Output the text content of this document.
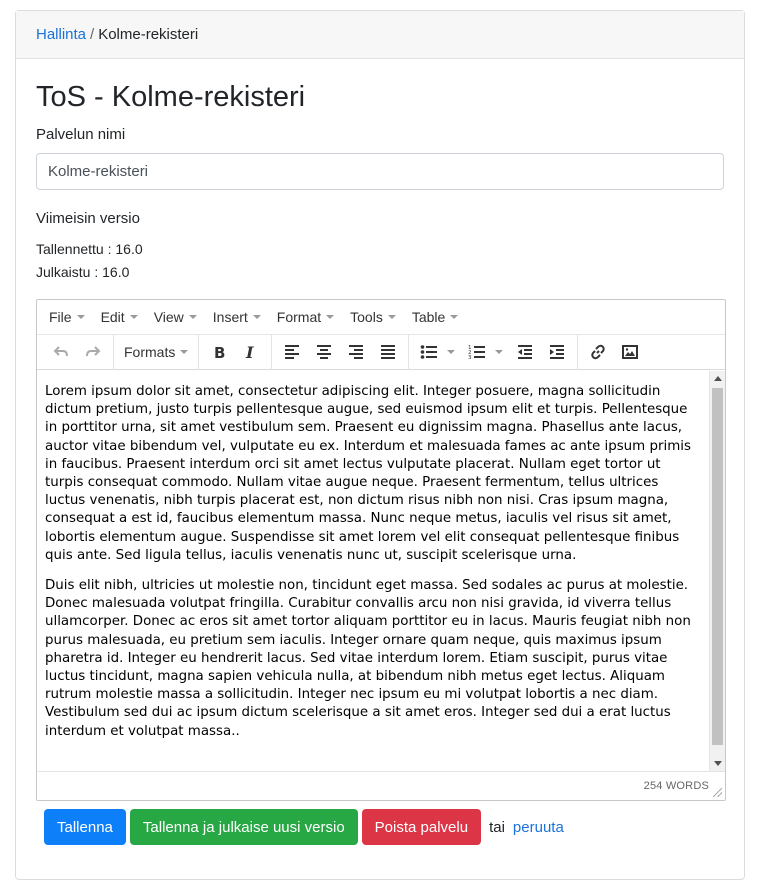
Hallinta / Kolme-rekisteri
ToS - Kolme-rekisteri
Palvelun nimi
Kolme-rekisteri
Viimeisin versio
Tallennettu : 16.0
Julkaistu : 16.0
File Edit View Insert Format Tools Table
Formats	B I	1
2
3

Lorem ipsum dolor sit amet, consectetur adipiscing elit. Integer posuere, magna sollicitudin dictum pretium, justo turpis pellentesque augue, sed euismod ipsum elit et turpis. Pellentesque in porttitor urna, sit amet vestibulum sem. Praesent eu dignissim magna. Phasellus ante lacus, auctor vitae bibendum vel, vulputate eu ex. Interdum et malesuada fames ac ante ipsum primis in faucibus. Praesent interdum orci sit amet lectus vulputate placerat. Nullam eget tortor ut turpis consequat commodo. Nullam vitae augue neque. Praesent fermentum, tellus ultrices luctus venenatis, nibh turpis placerat est, non dictum risus nibh non nisi. Cras ipsum magna, consequat a est id, faucibus elementum massa. Nunc neque metus, iaculis vel risus sit amet, lobortis elementum augue. Suspendisse sit amet lorem vel elit consequat pellentesque finibus quis ante. Sed ligula tellus, iaculis venenatis nunc ut, suscipit scelerisque urna.

Duis elit nibh, ultricies ut molestie non, tincidunt eget massa. Sed sodales ac purus at molestie. Donec malesuada volutpat fringilla. Curabitur convallis arcu non nisi gravida, id viverra tellus ullamcorper. Donec ac eros sit amet tortor aliquam porttitor eu in lacus. Mauris feugiat nibh non purus malesuada, eu pretium sem iaculis. Integer ornare quam neque, quis maximus ipsum pharetra id. Integer eu hendrerit lacus. Sed vitae interdum lorem. Etiam suscipit, purus vitae luctus tincidunt, magna sapien vehicula nulla, at bibendum nibh metus eget lectus. Aliquam rutrum molestie massa a sollicitudin. Integer nec ipsum eu mi volutpat lobortis a nec diam. Vestibulum sed dui ac ipsum dictum scelerisque a sit amet eros. Integer sed dui a erat luctus interdum et volutpat massa..

254 WORDS
Tallenna	Tallenna ja julkaise uusi versio	Poista palvelu	tai peruuta
